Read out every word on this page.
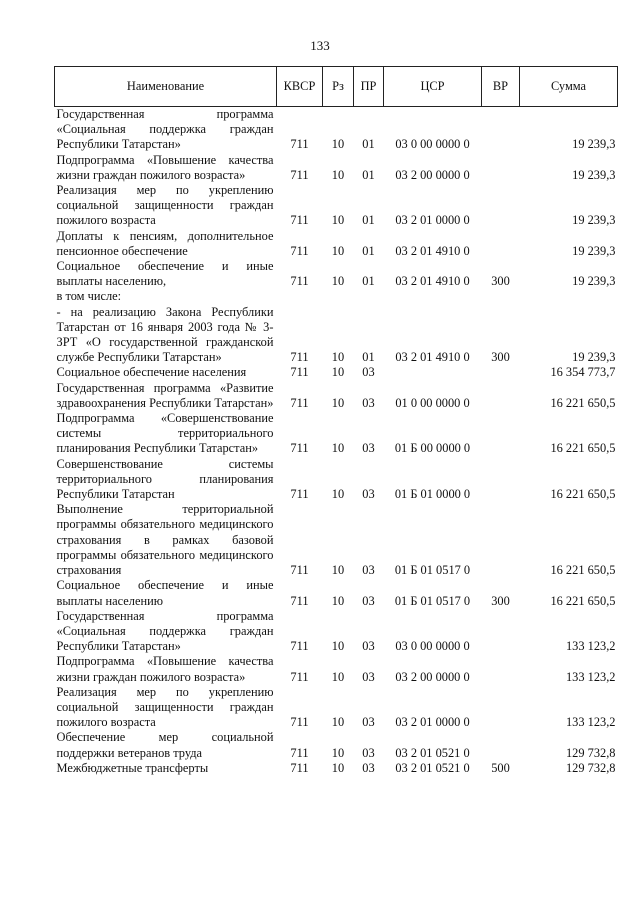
133
Наименование	КВСР	Рз	ПР	ЦСР	ВР	Сумма
Государственная программа «Социальная поддержка граждан Республики Татарстан»	711	10	01	03 0 00 0000 0		19 239,3
Подпрограмма «Повышение качества жизни граждан пожилого возраста»	711	10	01	03 2 00 0000 0		19 239,3
Реализация мер по укреплению социальной защищенности граждан пожилого возраста	711	10	01	03 2 01 0000 0		19 239,3
Доплаты к пенсиям, дополнительное пенсионное обеспечение	711	10	01	03 2 01 4910 0		19 239,3
Социальное обеспечение и иные выплаты населению,	711	10	01	03 2 01 4910 0	300	19 239,3
в том числе:						
- на реализацию Закона Республики Татарстан от 16 января 2003 года № 3-ЗРТ «О государственной гражданской службе Республики Татарстан»	711	10	01	03 2 01 4910 0	300	19 239,3
Социальное обеспечение населения	711	10	03			16 354 773,7
Государственная программа «Развитие здравоохранения Республики Татарстан»	711	10	03	01 0 00 0000 0		16 221 650,5
Подпрограмма «Совершенствование системы территориального планирования Республики Татарстан»	711	10	03	01 Б 00 0000 0		16 221 650,5
Совершенствование системы территориального планирования Республики Татарстан	711	10	03	01 Б 01 0000 0		16 221 650,5
Выполнение территориальной программы обязательного медицинского страхования в рамках базовой программы обязательного медицинского страхования	711	10	03	01 Б 01 0517 0		16 221 650,5
Социальное обеспечение и иные выплаты населению	711	10	03	01 Б 01 0517 0	300	16 221 650,5
Государственная программа «Социальная поддержка граждан Республики Татарстан»	711	10	03	03 0 00 0000 0		133 123,2
Подпрограмма «Повышение качества жизни граждан пожилого возраста»	711	10	03	03 2 00 0000 0		133 123,2
Реализация мер по укреплению социальной защищенности граждан пожилого возраста	711	10	03	03 2 01 0000 0		133 123,2
Обеспечение мер социальной поддержки ветеранов труда	711	10	03	03 2 01 0521 0		129 732,8
Межбюджетные трансферты	711	10	03	03 2 01 0521 0	500	129 732,8
